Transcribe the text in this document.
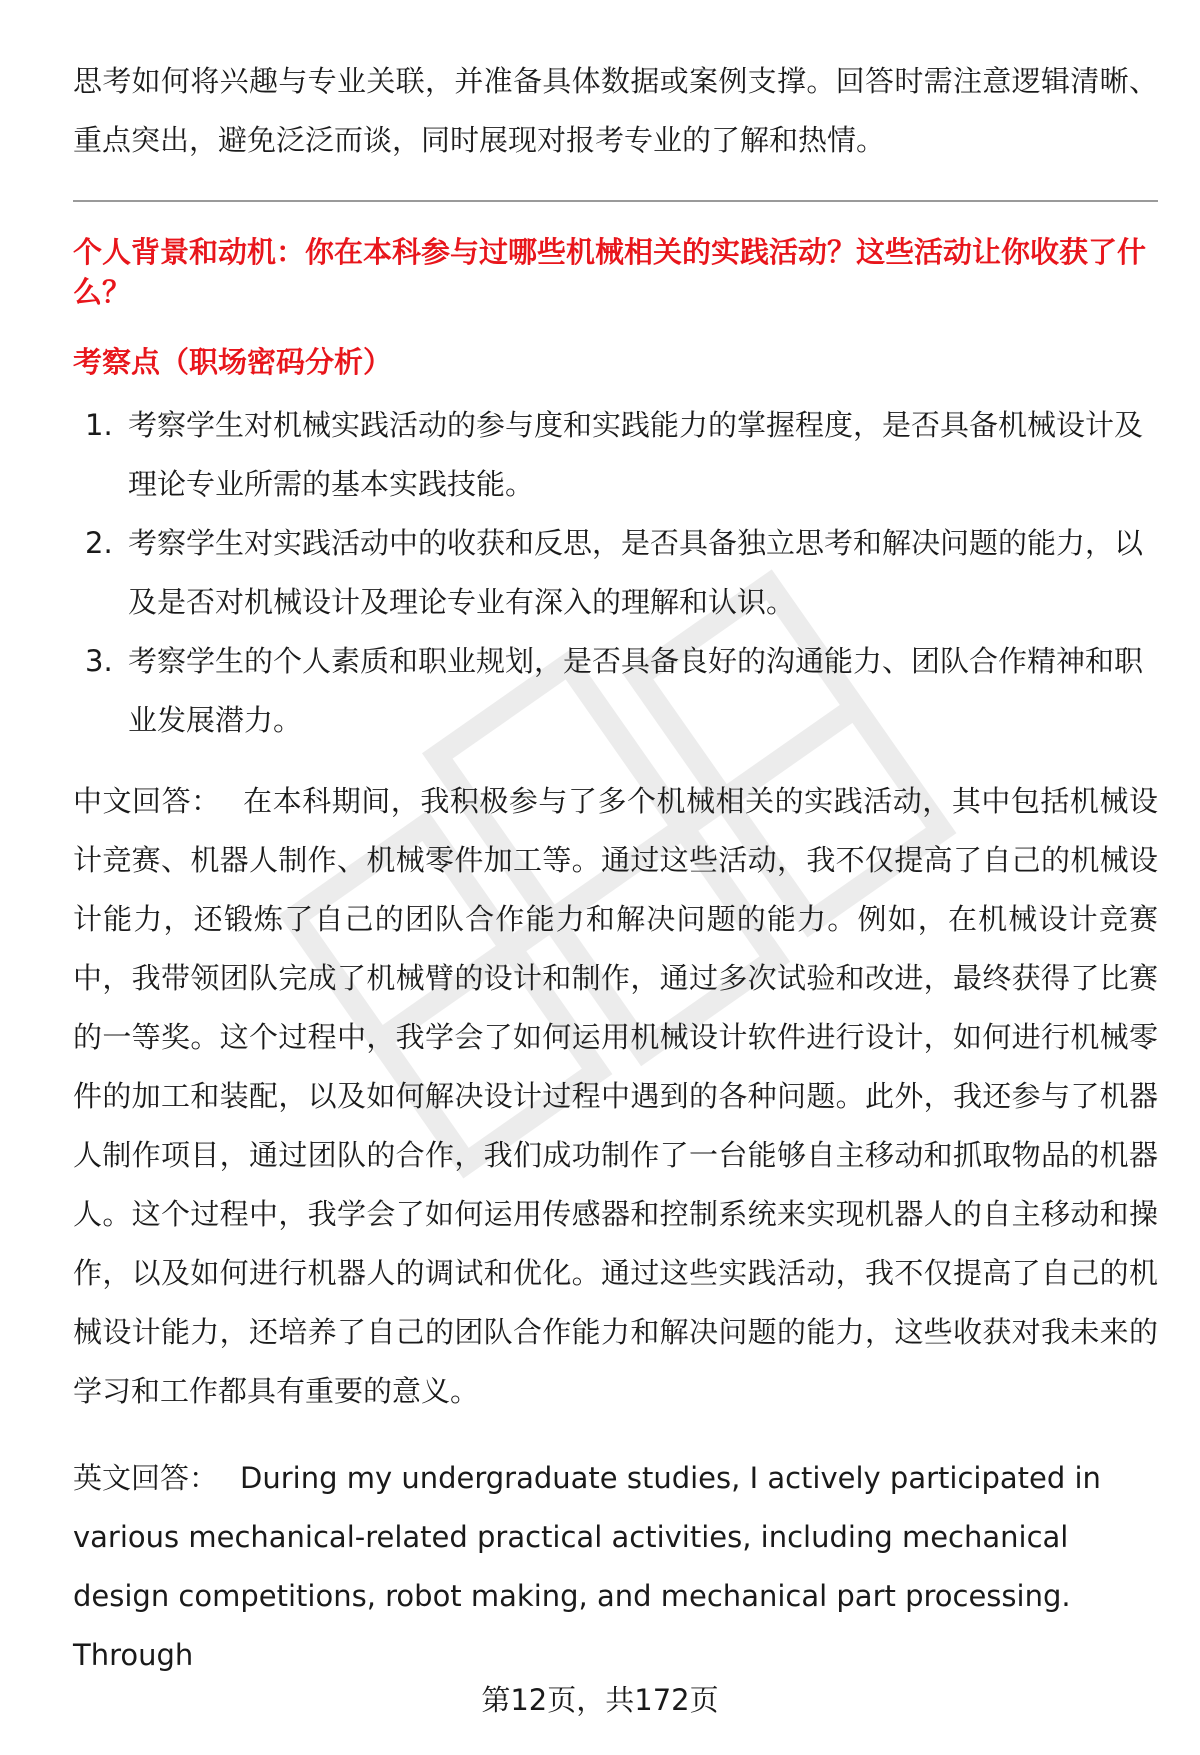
思考如何将兴趣与专业关联，并准备具体数据或案例支撑。回答时需注意逻辑清晰、重点突出，避免泛泛而谈，同时展现对报考专业的了解和热情。

个人背景和动机：你在本科参与过哪些机械相关的实践活动？这些活动让你收获了什么？
考察点（职场密码分析）
1. 考察学生对机械实践活动的参与度和实践能力的掌握程度，是否具备机械设计及理论专业所需的基本实践技能。
2. 考察学生对实践活动中的收获和反思，是否具备独立思考和解决问题的能力，以及是否对机械设计及理论专业有深入的理解和认识。
3. 考察学生的个人素质和职业规划，是否具备良好的沟通能力、团队合作精神和职业发展潜力。

中文回答： 在本科期间，我积极参与了多个机械相关的实践活动，其中包括机械设计竞赛、机器人制作、机械零件加工等。通过这些活动，我不仅提高了自己的机械设计能力，还锻炼了自己的团队合作能力和解决问题的能力。例如，在机械设计竞赛中，我带领团队完成了机械臂的设计和制作，通过多次试验和改进，最终获得了比赛的一等奖。这个过程中，我学会了如何运用机械设计软件进行设计，如何进行机械零件的加工和装配，以及如何解决设计过程中遇到的各种问题。此外，我还参与了机器人制作项目，通过团队的合作，我们成功制作了一台能够自主移动和抓取物品的机器人。这个过程中，我学会了如何运用传感器和控制系统来实现机器人的自主移动和操作，以及如何进行机器人的调试和优化。通过这些实践活动，我不仅提高了自己的机械设计能力，还培养了自己的团队合作能力和解决问题的能力，这些收获对我未来的学习和工作都具有重要的意义。

英文回答： During my undergraduate studies, I actively participated in various mechanical-related practical activities, including mechanical design competitions, robot making, and mechanical part processing. Through

第12页，共172页
